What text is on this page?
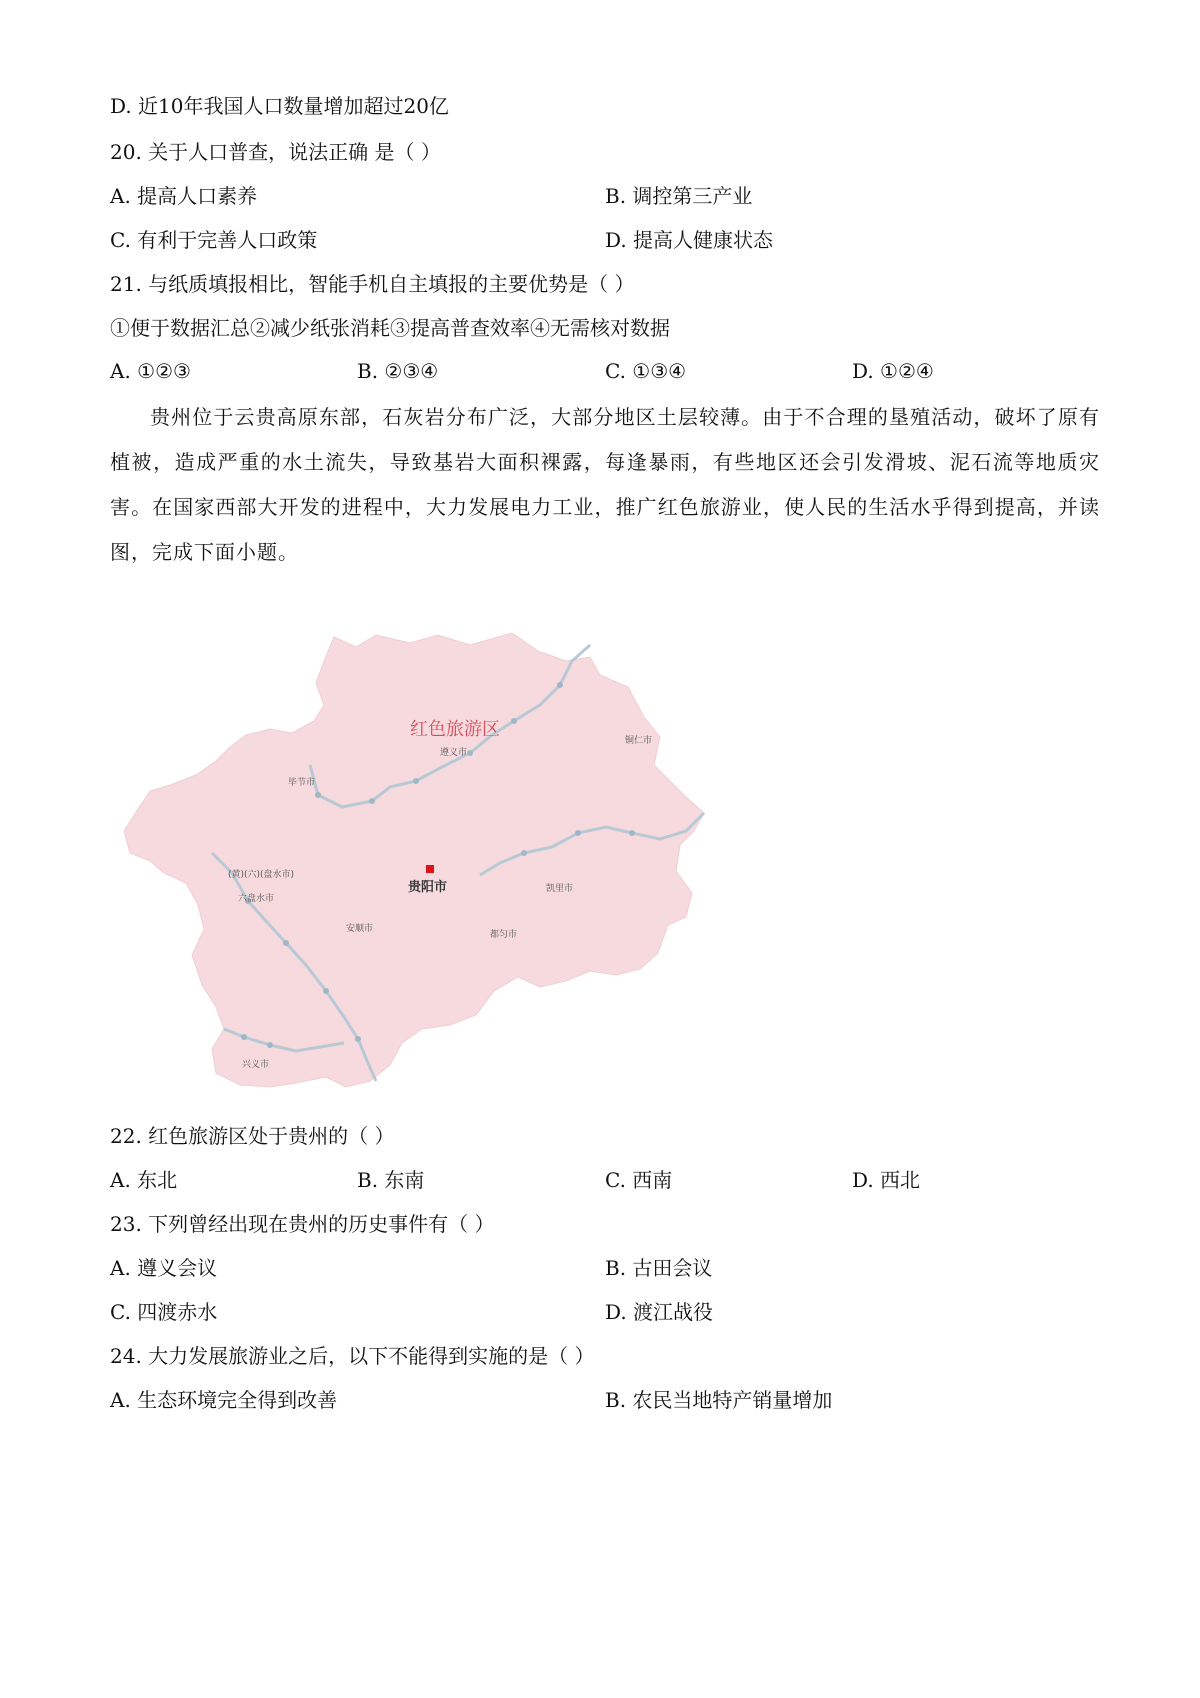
D. 近10年我国人口数量增加超过20亿
20. 关于人口普查，说法正确 是（ ）
A. 提高人口素养	B. 调控第三产业
C. 有利于完善人口政策	D. 提高人健康状态
21. 与纸质填报相比，智能手机自主填报的主要优势是（ ）
①便于数据汇总②减少纸张消耗③提高普查效率④无需核对数据
A. ①②③	B. ②③④	C. ①③④	D. ①②④
贵州位于云贵高原东部，石灰岩分布广泛，大部分地区土层较薄。由于不合理的垦殖活动，破坏了原有植被，造成严重的水土流失，导致基岩大面积裸露，每逢暴雨，有些地区还会引发滑坡、泥石流等地质灾害。在国家西部大开发的进程中，大力发展电力工业，推广红色旅游业，使人民的生活水乎得到提高，并读图，完成下面小题。
红色旅游区
遵义市
铜仁市
毕节市
(黄)(六)(盘水市)
六盘水市
安顺市
都匀市
凯里市
兴义市
贵阳市
22. 红色旅游区处于贵州的（ ）
A. 东北	B. 东南	C. 西南	D. 西北
23. 下列曾经出现在贵州的历史事件有（ ）
A. 遵义会议	B. 古田会议
C. 四渡赤水	D. 渡江战役
24. 大力发展旅游业之后，以下不能得到实施的是（ ）
A. 生态环境完全得到改善	B. 农民当地特产销量增加
